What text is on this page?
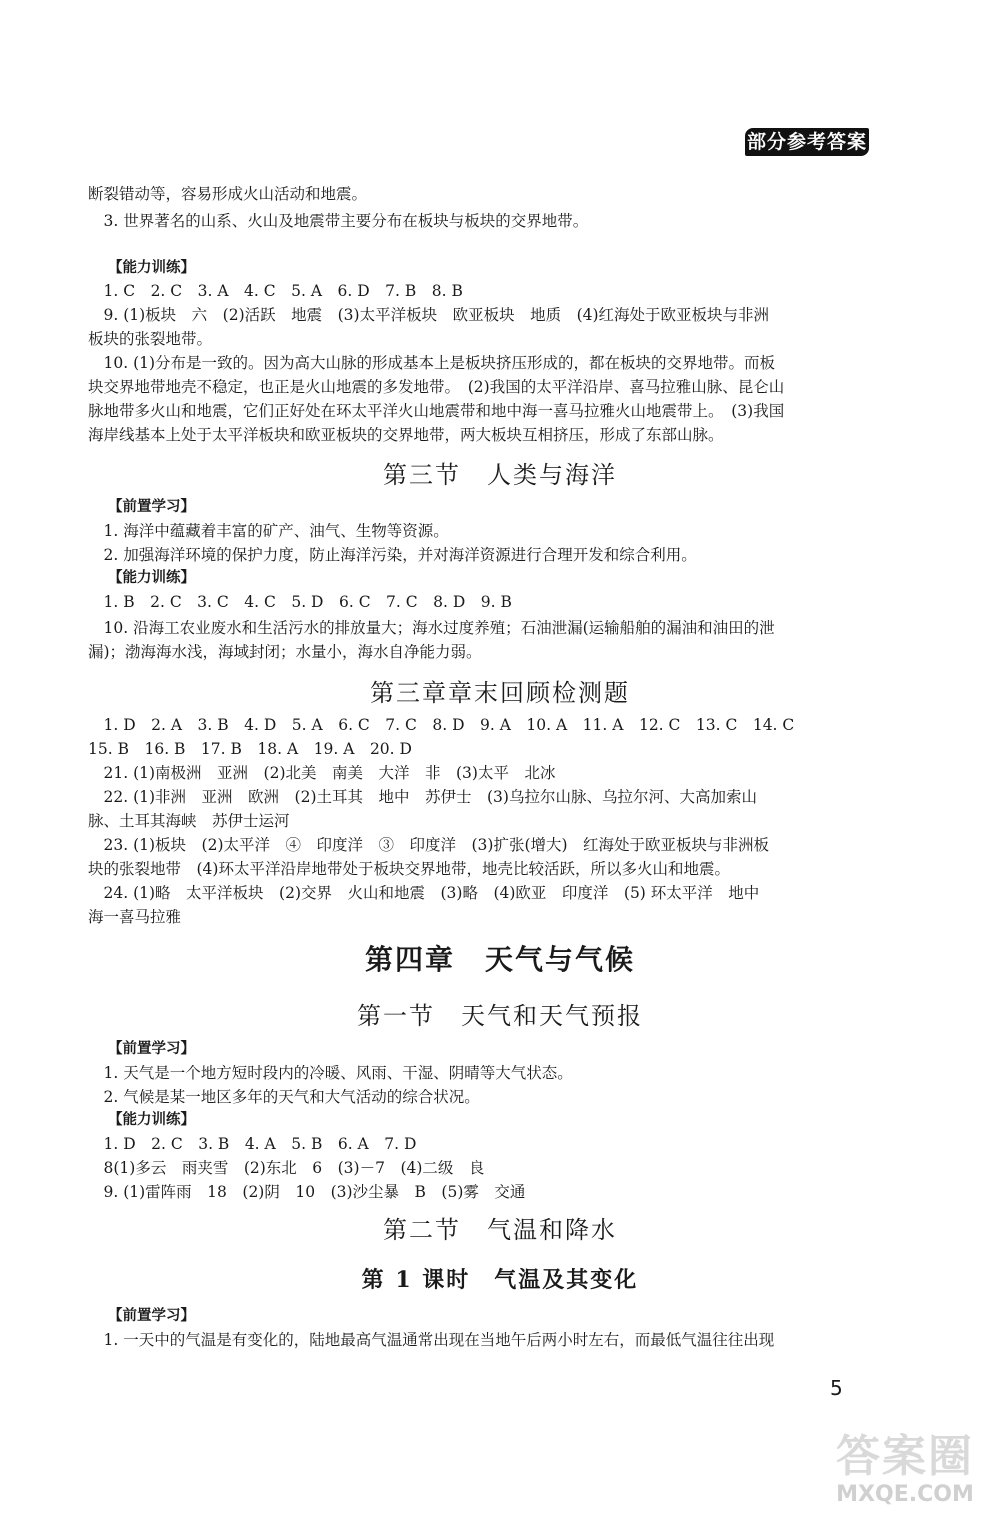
部分参考答案
断裂错动等，容易形成火山活动和地震。
　3. 世界著名的山系、火山及地震带主要分布在板块与板块的交界地带。
【能力训练】
　1. C　2. C　3. A　4. C　5. A　6. D　7. B　8. B
　9. (1)板块　六　(2)活跃　地震　(3)太平洋板块　欧亚板块　地质　(4)红海处于欧亚板块与非洲
板块的张裂地带。
　10. (1)分布是一致的。因为高大山脉的形成基本上是板块挤压形成的，都在板块的交界地带。而板
块交界地带地壳不稳定，也正是火山地震的多发地带。　(2)我国的太平洋沿岸、喜马拉雅山脉、昆仑山
脉地带多火山和地震，它们正好处在环太平洋火山地震带和地中海一喜马拉雅火山地震带上。　(3)我国
海岸线基本上处于太平洋板块和欧亚板块的交界地带，两大板块互相挤压，形成了东部山脉。
第三节　人类与海洋
【前置学习】
　1. 海洋中蕴藏着丰富的矿产、油气、生物等资源。
　2. 加强海洋环境的保护力度，防止海洋污染，并对海洋资源进行合理开发和综合利用。
【能力训练】
　1. B　2. C　3. C　4. C　5. D　6. C　7. C　8. D　9. B
　10. 沿海工农业废水和生活污水的排放量大；海水过度养殖；石油泄漏(运输船舶的漏油和油田的泄
漏)；渤海海水浅，海域封闭；水量小，海水自净能力弱。
第三章章末回顾检测题
　1. D　2. A　3. B　4. D　5. A　6. C　7. C　8. D　9. A　10. A　11. A　12. C　13. C　14. C
15. B　16. B　17. B　18. A　19. A　20. D
　21. (1)南极洲　亚洲　(2)北美　南美　大洋　非　(3)太平　北冰
　22. (1)非洲　亚洲　欧洲　(2)土耳其　地中　苏伊士　(3)乌拉尔山脉、乌拉尔河、大高加索山
脉、土耳其海峡　苏伊士运河
　23. (1)板块　(2)太平洋　④　印度洋　③　印度洋　(3)扩张(增大)　红海处于欧亚板块与非洲板
块的张裂地带　(4)环太平洋沿岸地带处于板块交界地带，地壳比较活跃，所以多火山和地震。
　24. (1)略　太平洋板块　(2)交界　火山和地震　(3)略　(4)欧亚　印度洋　(5) 环太平洋　地中
海一喜马拉雅
第四章　天气与气候
第一节　天气和天气预报
【前置学习】
　1. 天气是一个地方短时段内的冷暖、风雨、干湿、阴晴等大气状态。
　2. 气候是某一地区多年的天气和大气活动的综合状况。
【能力训练】
　1. D　2. C　3. B　4. A　5. B　6. A　7. D
　8(1)多云　雨夹雪　(2)东北　6　(3)－7　(4)二级　良
　9. (1)雷阵雨　18　(2)阴　10　(3)沙尘暴　B　(5)雾　交通
第二节　气温和降水
第 1 课时　气温及其变化
【前置学习】
　1. 一天中的气温是有变化的，陆地最高气温通常出现在当地午后两小时左右，而最低气温往往出现
5
答案圈
MXQE.COM
